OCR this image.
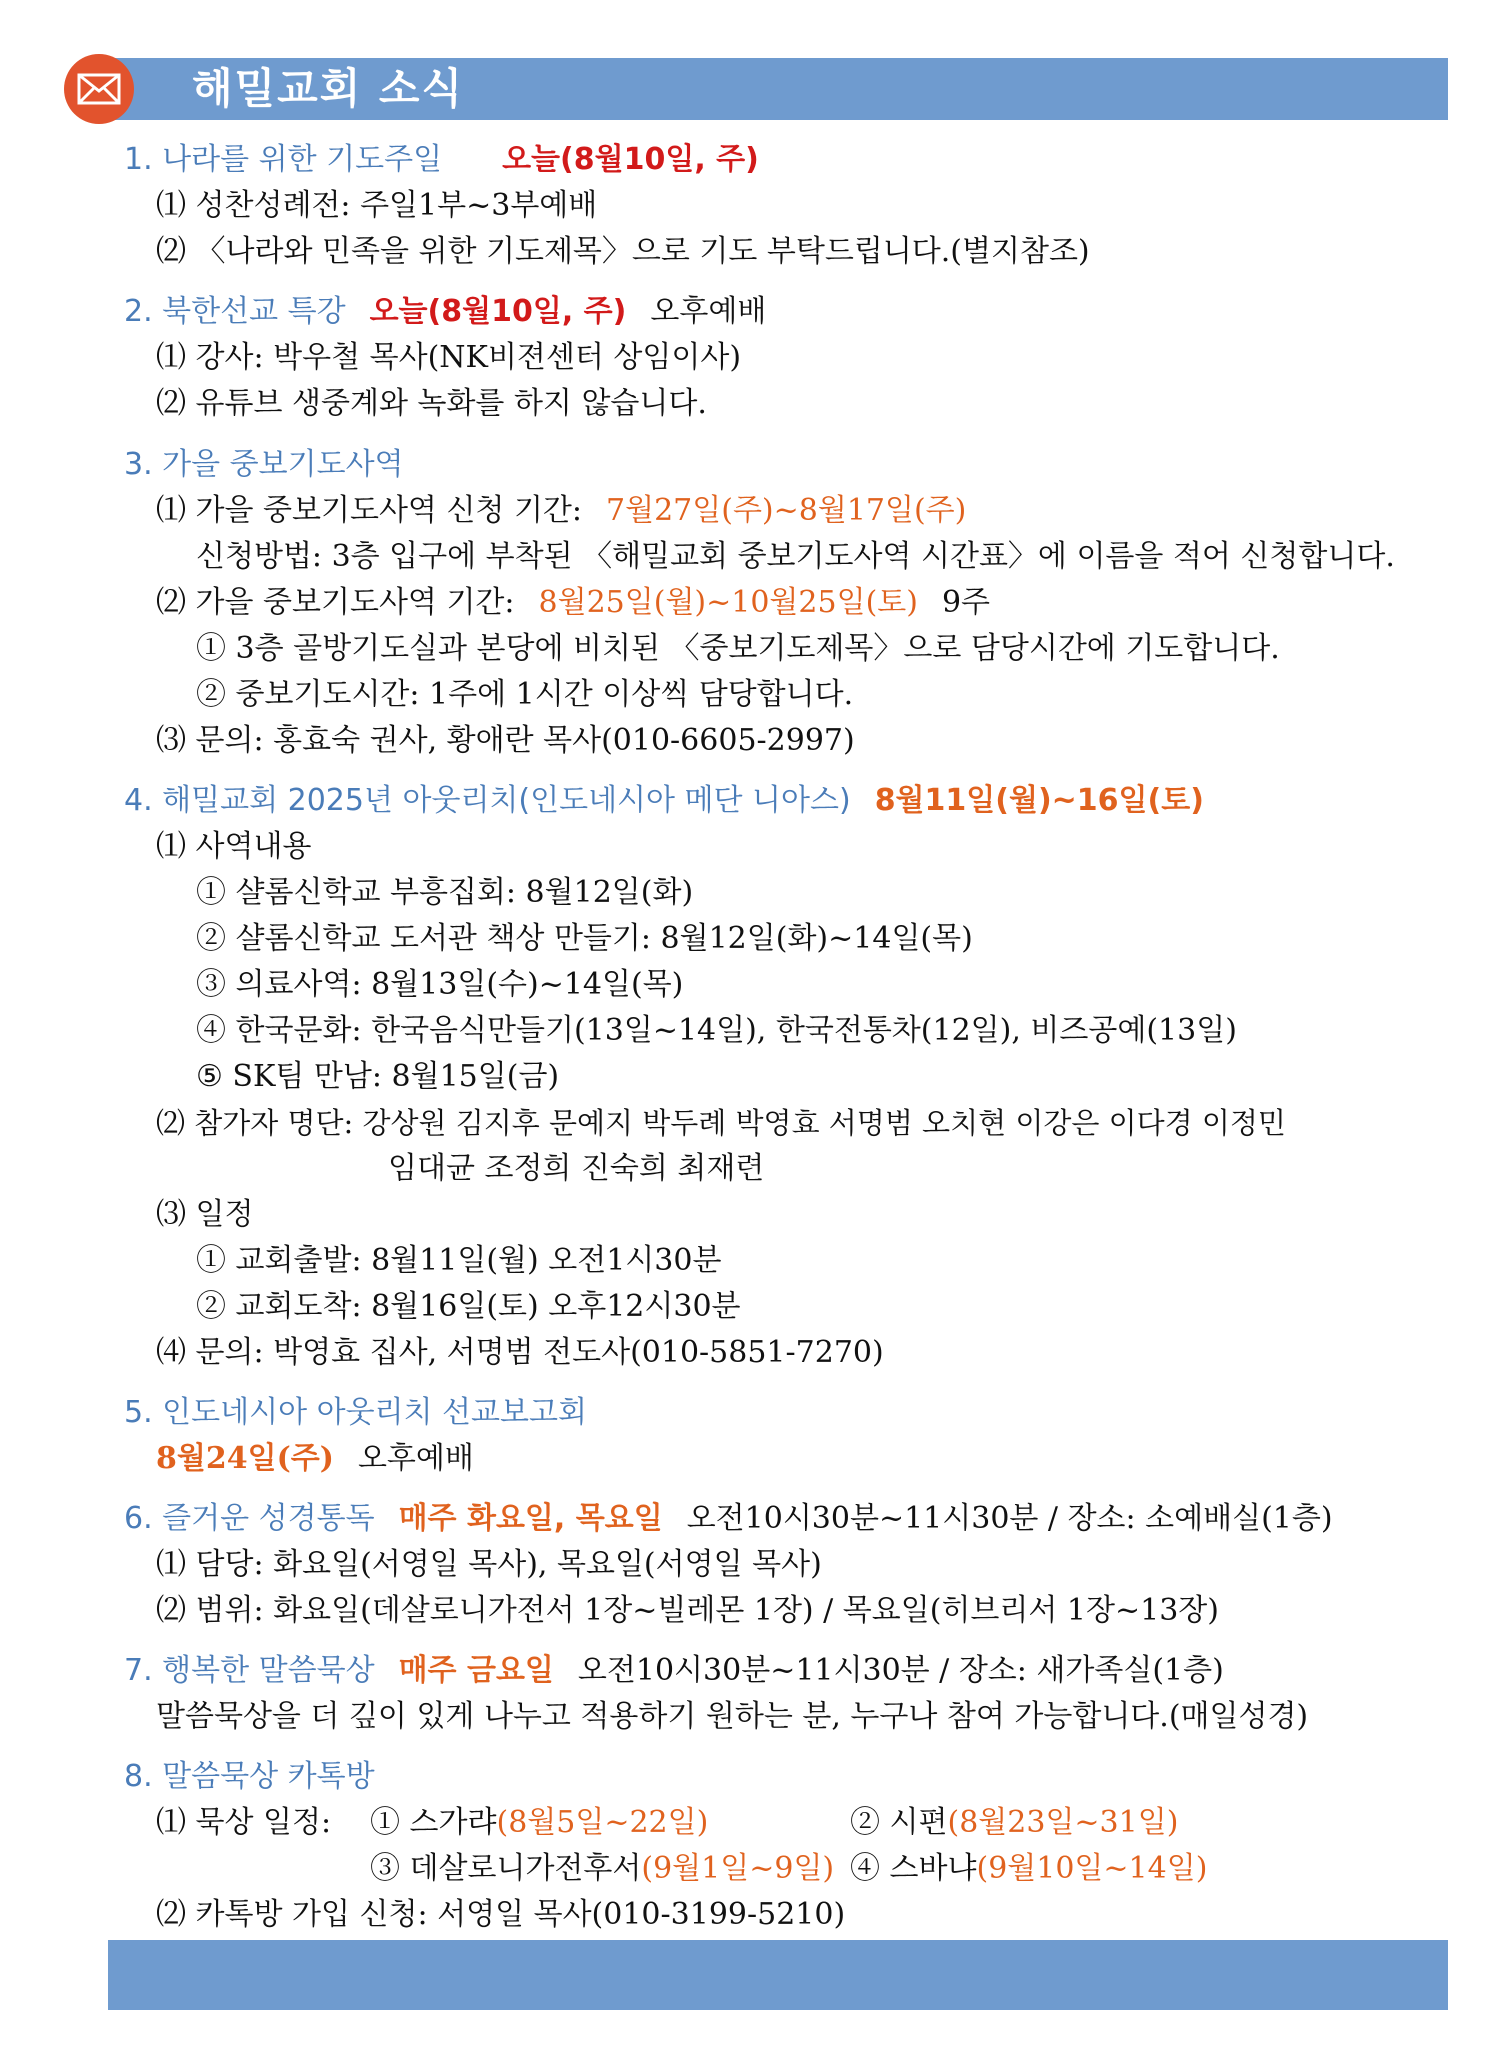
해밀교회 소식
1. 나라를 위한 기도주일 오늘(8월10일, 주)
⑴ 성찬성례전: 주일1부~3부예배
⑵ 〈나라와 민족을 위한 기도제목〉으로 기도 부탁드립니다.(별지참조)
2. 북한선교 특강 오늘(8월10일, 주) 오후예배
⑴ 강사: 박우철 목사(NK비젼센터 상임이사)
⑵ 유튜브 생중계와 녹화를 하지 않습니다.
3. 가을 중보기도사역
⑴ 가을 중보기도사역 신청 기간: 7월27일(주)~8월17일(주)
신청방법: 3층 입구에 부착된 〈해밀교회 중보기도사역 시간표〉에 이름을 적어 신청합니다.
⑵ 가을 중보기도사역 기간: 8월25일(월)~10월25일(토) 9주
① 3층 골방기도실과 본당에 비치된 〈중보기도제목〉으로 담당시간에 기도합니다.
② 중보기도시간: 1주에 1시간 이상씩 담당합니다.
⑶ 문의: 홍효숙 권사, 황애란 목사(010-6605-2997)
4. 해밀교회 2025년 아웃리치(인도네시아 메단 니아스) 8월11일(월)~16일(토)
⑴ 사역내용
① 샬롬신학교 부흥집회: 8월12일(화)
② 샬롬신학교 도서관 책상 만들기: 8월12일(화)~14일(목)
③ 의료사역: 8월13일(수)~14일(목)
④ 한국문화: 한국음식만들기(13일~14일), 한국전통차(12일), 비즈공예(13일)
⑤ SK팀 만남: 8월15일(금)
⑵ 참가자 명단: 강상원 김지후 문예지 박두례 박영효 서명범 오치현 이강은 이다경 이정민
임대균 조정희 진숙희 최재련
⑶ 일정
① 교회출발: 8월11일(월) 오전1시30분
② 교회도착: 8월16일(토) 오후12시30분
⑷ 문의: 박영효 집사, 서명범 전도사(010-5851-7270)
5. 인도네시아 아웃리치 선교보고회
8월24일(주) 오후예배
6. 즐거운 성경통독 매주 화요일, 목요일 오전10시30분~11시30분 / 장소: 소예배실(1층)
⑴ 담당: 화요일(서영일 목사), 목요일(서영일 목사)
⑵ 범위: 화요일(데살로니가전서 1장~빌레몬 1장) / 목요일(히브리서 1장~13장)
7. 행복한 말씀묵상 매주 금요일 오전10시30분~11시30분 / 장소: 새가족실(1층)
말씀묵상을 더 깊이 있게 나누고 적용하기 원하는 분, 누구나 참여 가능합니다.(매일성경)
8. 말씀묵상 카톡방
⑴ 묵상 일정: ① 스가랴(8월5일~22일)	② 시편(8월23일~31일)
③ 데살로니가전후서(9월1일~9일) ④ 스바냐(9월10일~14일)
⑵ 카톡방 가입 신청: 서영일 목사(010-3199-5210)
